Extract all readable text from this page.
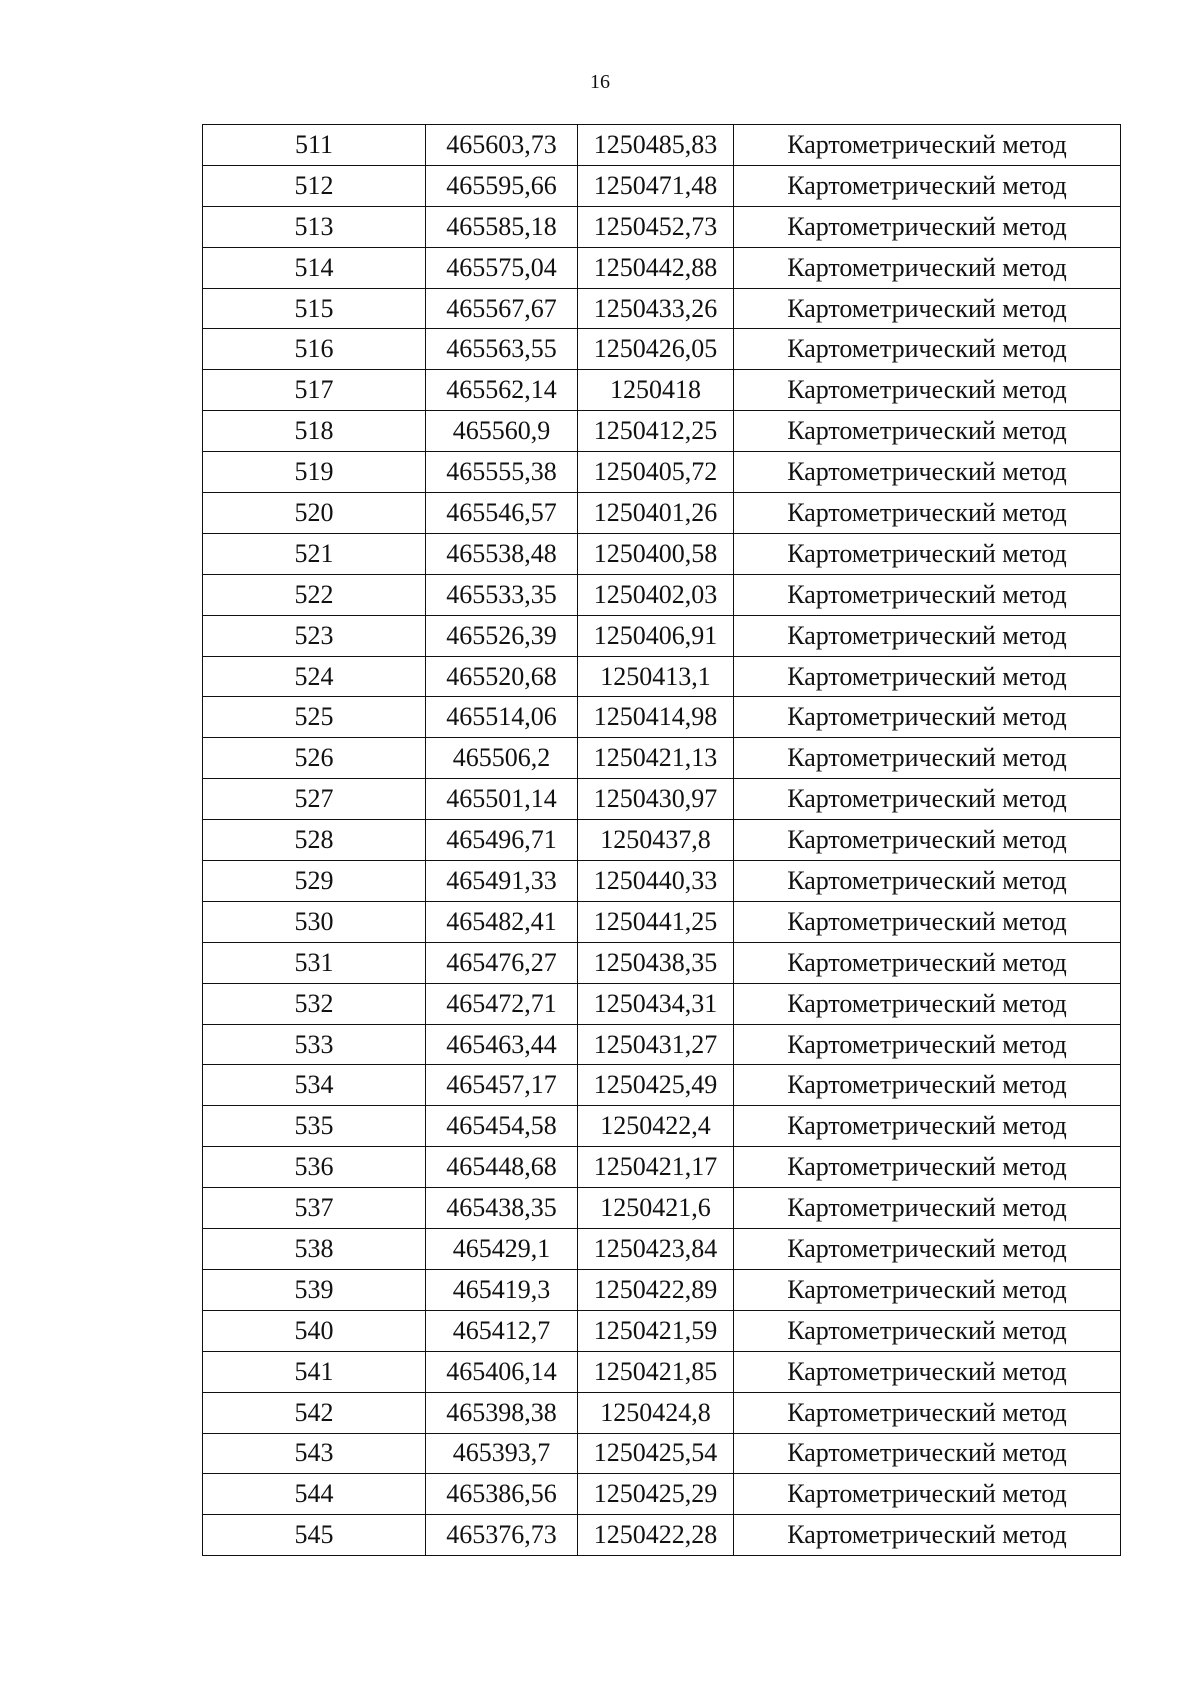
16
511	465603,73	1250485,83	Картометрический метод
512	465595,66	1250471,48	Картометрический метод
513	465585,18	1250452,73	Картометрический метод
514	465575,04	1250442,88	Картометрический метод
515	465567,67	1250433,26	Картометрический метод
516	465563,55	1250426,05	Картометрический метод
517	465562,14	1250418	Картометрический метод
518	465560,9	1250412,25	Картометрический метод
519	465555,38	1250405,72	Картометрический метод
520	465546,57	1250401,26	Картометрический метод
521	465538,48	1250400,58	Картометрический метод
522	465533,35	1250402,03	Картометрический метод
523	465526,39	1250406,91	Картометрический метод
524	465520,68	1250413,1	Картометрический метод
525	465514,06	1250414,98	Картометрический метод
526	465506,2	1250421,13	Картометрический метод
527	465501,14	1250430,97	Картометрический метод
528	465496,71	1250437,8	Картометрический метод
529	465491,33	1250440,33	Картометрический метод
530	465482,41	1250441,25	Картометрический метод
531	465476,27	1250438,35	Картометрический метод
532	465472,71	1250434,31	Картометрический метод
533	465463,44	1250431,27	Картометрический метод
534	465457,17	1250425,49	Картометрический метод
535	465454,58	1250422,4	Картометрический метод
536	465448,68	1250421,17	Картометрический метод
537	465438,35	1250421,6	Картометрический метод
538	465429,1	1250423,84	Картометрический метод
539	465419,3	1250422,89	Картометрический метод
540	465412,7	1250421,59	Картометрический метод
541	465406,14	1250421,85	Картометрический метод
542	465398,38	1250424,8	Картометрический метод
543	465393,7	1250425,54	Картометрический метод
544	465386,56	1250425,29	Картометрический метод
545	465376,73	1250422,28	Картометрический метод
